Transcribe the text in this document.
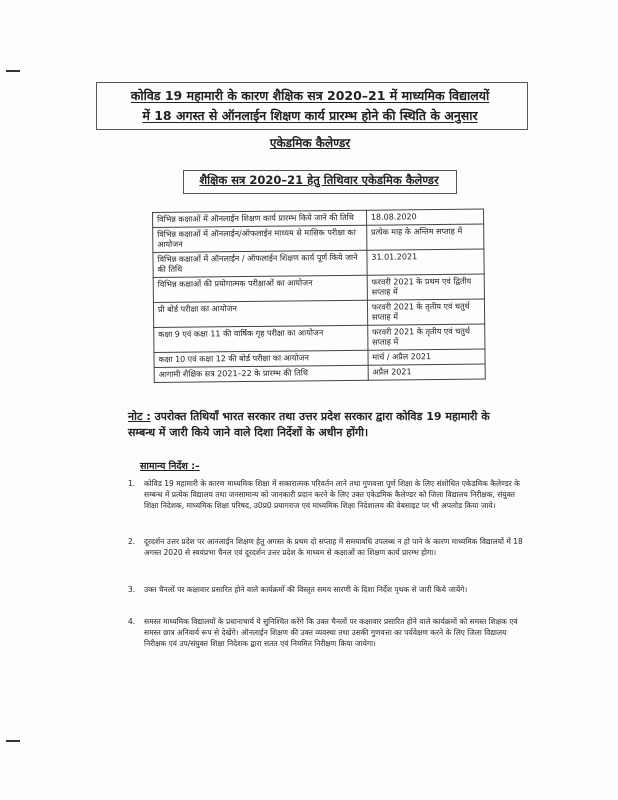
कोविड 19 महामारी के कारण शैक्षिक सत्र 2020–21 में माध्यमिक विद्यालयों
में 18 अगस्त से ऑनलाईन शिक्षण कार्य प्रारम्भ होने की स्थिति के अनुसार
एकेडमिक कैलेण्डर
शैक्षिक सत्र 2020–21 हेतु तिथिवार एकेडमिक कैलेण्डर
विभिन्न कक्षाओं में ऑनलाईन शिक्षण कार्य प्रारम्भ किये जाने की तिथि	18.08.2020
विभिन्न कक्षाओं में ऑनलाईन/ऑफलाईन माध्यम से मासिक परीक्षा का आयोजन	प्रत्येक माह के अन्तिम सप्ताह में
विभिन्न कक्षाओं में ऑनलाईन / ऑफलाईन शिक्षण कार्य पूर्ण किये जाने की तिथि	31.01.2021
विभिन्न कक्षाओं की प्रयोगात्मक परीक्षाओं का आयोजन	फरवरी 2021 के प्रथम एवं द्वितीय सप्ताह में
प्री बोर्ड परीक्षा का आयोजन	फरवरी 2021 के तृतीय एवं चतुर्थ सप्ताह में
कक्षा 9 एवं कक्षा 11 की वार्षिक गृह परीक्षा का आयोजन	फरवरी 2021 के तृतीय एवं चतुर्थ सप्ताह में
कक्षा 10 एवं कक्षा 12 की बोर्ड परीक्षा का आयोजन	मार्च / अप्रैल 2021
आगामी शैक्षिक सत्र 2021–22 के प्रारम्भ की तिथि	अप्रैल 2021
नोट : उपरोक्त तिथियाँ भारत सरकार तथा उत्तर प्रदेश सरकार द्वारा कोविड 19 महामारी के सम्बन्ध में जारी किये जाने वाले दिशा निर्देशों के अधीन होंगी।
सामान्य निर्देश :–
1.	कोविड 19 महामारी के कारण माध्यमिक शिक्षा में सकारात्मक परिवर्तन लाने तथा गुणवत्ता पूर्ण शिक्षा के लिए संशोधित एकेडमिक कैलेण्डर के सम्बन्ध में प्रत्येक विद्यालय तथा जनसामान्य को जानकारी प्रदान करने के लिए उक्त एकेडमिक कैलेण्डर को जिला विद्यालय निरीक्षक, संयुक्त शिक्षा निदेशक, माध्यमिक शिक्षा परिषद, उ0प्र0 प्रयागराज एवं माध्यमिक शिक्षा निदेशालय की वेबसाइट पर भी अपलोड किया जाये।
2.	दूरदर्शन उत्तर प्रदेश पर आनलाईन शिक्षण हेतु अगस्त के प्रथम दो सप्ताह में समयावधि उपलब्ध न हो पाने के कारण माध्यमिक विद्यालयों में 18 अगस्त 2020 से स्वयंप्रभा चैनल एवं दूरदर्शन उत्तर प्रदेश के माध्यम से कक्षाओं का शिक्षण कार्य प्रारम्भ होगा।
3.	उक्त चैनलों पर कक्षावार प्रसारित होने वाले कार्यक्रमों की विस्तृत समय सारणी के दिशा निर्देश पृथक से जारी किये जायेंगे।
4.	समस्त माध्यमिक विद्यालयों के प्रधानाचार्य ये सुनिश्चित करेंगे कि उक्त चैनलों पर कक्षावार प्रसारित होने वाले कार्यक्रमों को समस्त शिक्षक एवं समस्त छात्र अनिवार्य रूप से देखेंगे। ऑनलाईन शिक्षण की उक्त व्यवस्था तथा उसकी गुणवत्ता का पर्यवेक्षण करने के लिए जिला विद्यालय निरीक्षक एवं उप/संयुक्त शिक्षा निदेशक द्वारा सतत एवं नियमित निरीक्षण किया जायेगा।
